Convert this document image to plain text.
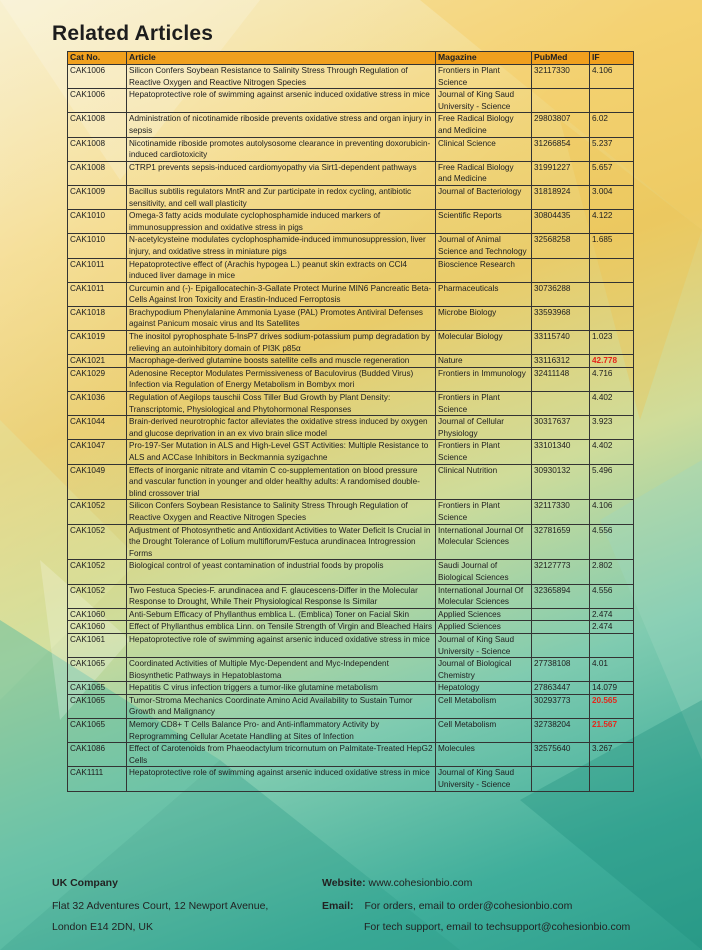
Related Articles
Cat No.	Article	Magazine	PubMed	IF
CAK1006	Silicon Confers Soybean Resistance to Salinity Stress Through Regulation of Reactive Oxygen and Reactive Nitrogen Species	Frontiers in Plant Science	32117330	4.106
CAK1006	Hepatoprotective role of swimming against arsenic induced oxidative stress in mice	Journal of King Saud University - Science		
CAK1008	Administration of nicotinamide riboside prevents oxidative stress and organ injury in sepsis	Free Radical Biology and Medicine	29803807	6.02
CAK1008	Nicotinamide riboside promotes autolysosome clearance in preventing doxorubicin-induced cardiotoxicity	Clinical Science	31266854	5.237
CAK1008	CTRP1 prevents sepsis-induced cardiomyopathy via Sirt1-dependent pathways	Free Radical Biology and Medicine	31991227	5.657
CAK1009	Bacillus subtilis regulators MntR and Zur participate in redox cycling, antibiotic sensitivity, and cell wall plasticity	Journal of Bacteriology	31818924	3.004
CAK1010	Omega-3 fatty acids modulate cyclophosphamide induced markers of immunosuppression and oxidative stress in pigs	Scientific Reports	30804435	4.122
CAK1010	N-acetylcysteine modulates cyclophosphamide-induced immunosuppression, liver injury, and oxidative stress in miniature pigs	Journal of Animal Science and Technology	32568258	1.685
CAK1011	Hepatoprotective effect of (Arachis hypogea L.) peanut skin extracts on CCl4 induced liver damage in mice	Bioscience Research		
CAK1011	Curcumin and (-)- Epigallocatechin-3-Gallate Protect Murine MIN6 Pancreatic Beta-Cells Against Iron Toxicity and Erastin-Induced Ferroptosis	Pharmaceuticals	30736288	
CAK1018	Brachypodium Phenylalanine Ammonia Lyase (PAL) Promotes Antiviral Defenses against Panicum mosaic virus and Its Satellites	Microbe Biology	33593968	
CAK1019	The inositol pyrophosphate 5-InsP7 drives sodium-potassium pump degradation by relieving an autoinhibitory domain of PI3K p85α	Molecular Biology	33115740	1.023
CAK1021	Macrophage-derived glutamine boosts satellite cells and muscle regeneration	Nature	33116312	42.778
CAK1029	Adenosine Receptor Modulates Permissiveness of Baculovirus (Budded Virus) Infection via Regulation of Energy Metabolism in Bombyx mori	Frontiers in Immunology	32411148	4.716
CAK1036	Regulation of Aegilops tauschii Coss Tiller Bud Growth by Plant Density: Transcriptomic, Physiological and Phytohormonal Responses	Frontiers in Plant Science		4.402
CAK1044	Brain-derived neurotrophic factor alleviates the oxidative stress induced by oxygen and glucose deprivation in an ex vivo brain slice model	Journal of Cellular Physiology	30317637	3.923
CAK1047	Pro-197-Ser Mutation in ALS and High-Level GST Activities: Multiple Resistance to ALS and ACCase Inhibitors in Beckmannia syzigachne	Frontiers in Plant Science	33101340	4.402
CAK1049	Effects of inorganic nitrate and vitamin C co-supplementation on blood pressure and vascular function in younger and older healthy adults: A randomised double-blind crossover trial	Clinical Nutrition	30930132	5.496
CAK1052	Silicon Confers Soybean Resistance to Salinity Stress Through Regulation of Reactive Oxygen and Reactive Nitrogen Species	Frontiers in Plant Science	32117330	4.106
CAK1052	Adjustment of Photosynthetic and Antioxidant Activities to Water Deficit Is Crucial in the Drought Tolerance of Lolium multiflorum/Festuca arundinacea Introgression Forms	International Journal Of Molecular Sciences	32781659	4.556
CAK1052	Biological control of yeast contamination of industrial foods by propolis	Saudi Journal of Biological Sciences	32127773	2.802
CAK1052	Two Festuca Species-F. arundinacea and F. glaucescens-Differ in the Molecular Response to Drought, While Their Physiological Response Is Similar	International Journal Of Molecular Sciences	32365894	4.556
CAK1060	Anti-Sebum Efficacy of Phyllanthus emblica L. (Emblica) Toner on Facial Skin	Applied Sciences		2.474
CAK1060	Effect of Phyllanthus emblica Linn. on Tensile Strength of Virgin and Bleached Hairs	Applied Sciences		2.474
CAK1061	Hepatoprotective role of swimming against arsenic induced oxidative stress in mice	Journal of King Saud University - Science		
CAK1065	Coordinated Activities of Multiple Myc-Dependent and Myc-Independent Biosynthetic Pathways in Hepatoblastoma	Journal of Biological Chemistry	27738108	4.01
CAK1065	Hepatitis C virus infection triggers a tumor-like glutamine metabolism	Hepatology	27863447	14.079
CAK1065	Tumor-Stroma Mechanics Coordinate Amino Acid Availability to Sustain Tumor Growth and Malignancy	Cell Metabolism	30293773	20.565
CAK1065	Memory CD8+ T Cells Balance Pro- and Anti-inflammatory Activity by Reprogramming Cellular Acetate Handling at Sites of Infection	Cell Metabolism	32738204	21.567
CAK1086	Effect of Carotenoids from Phaeodactylum tricornutum on Palmitate-Treated HepG2 Cells	Molecules	32575640	3.267
CAK1111	Hepatoprotective role of swimming against arsenic induced oxidative stress in mice	Journal of King Saud University - Science		
UK Company
Flat 32 Adventures Court, 12 Newport Avenue,
London E14 2DN, UK
Website: www.cohesionbio.com
Email: For orders, email to order@cohesionbio.com
For tech support, email to techsupport@cohesionbio.com
